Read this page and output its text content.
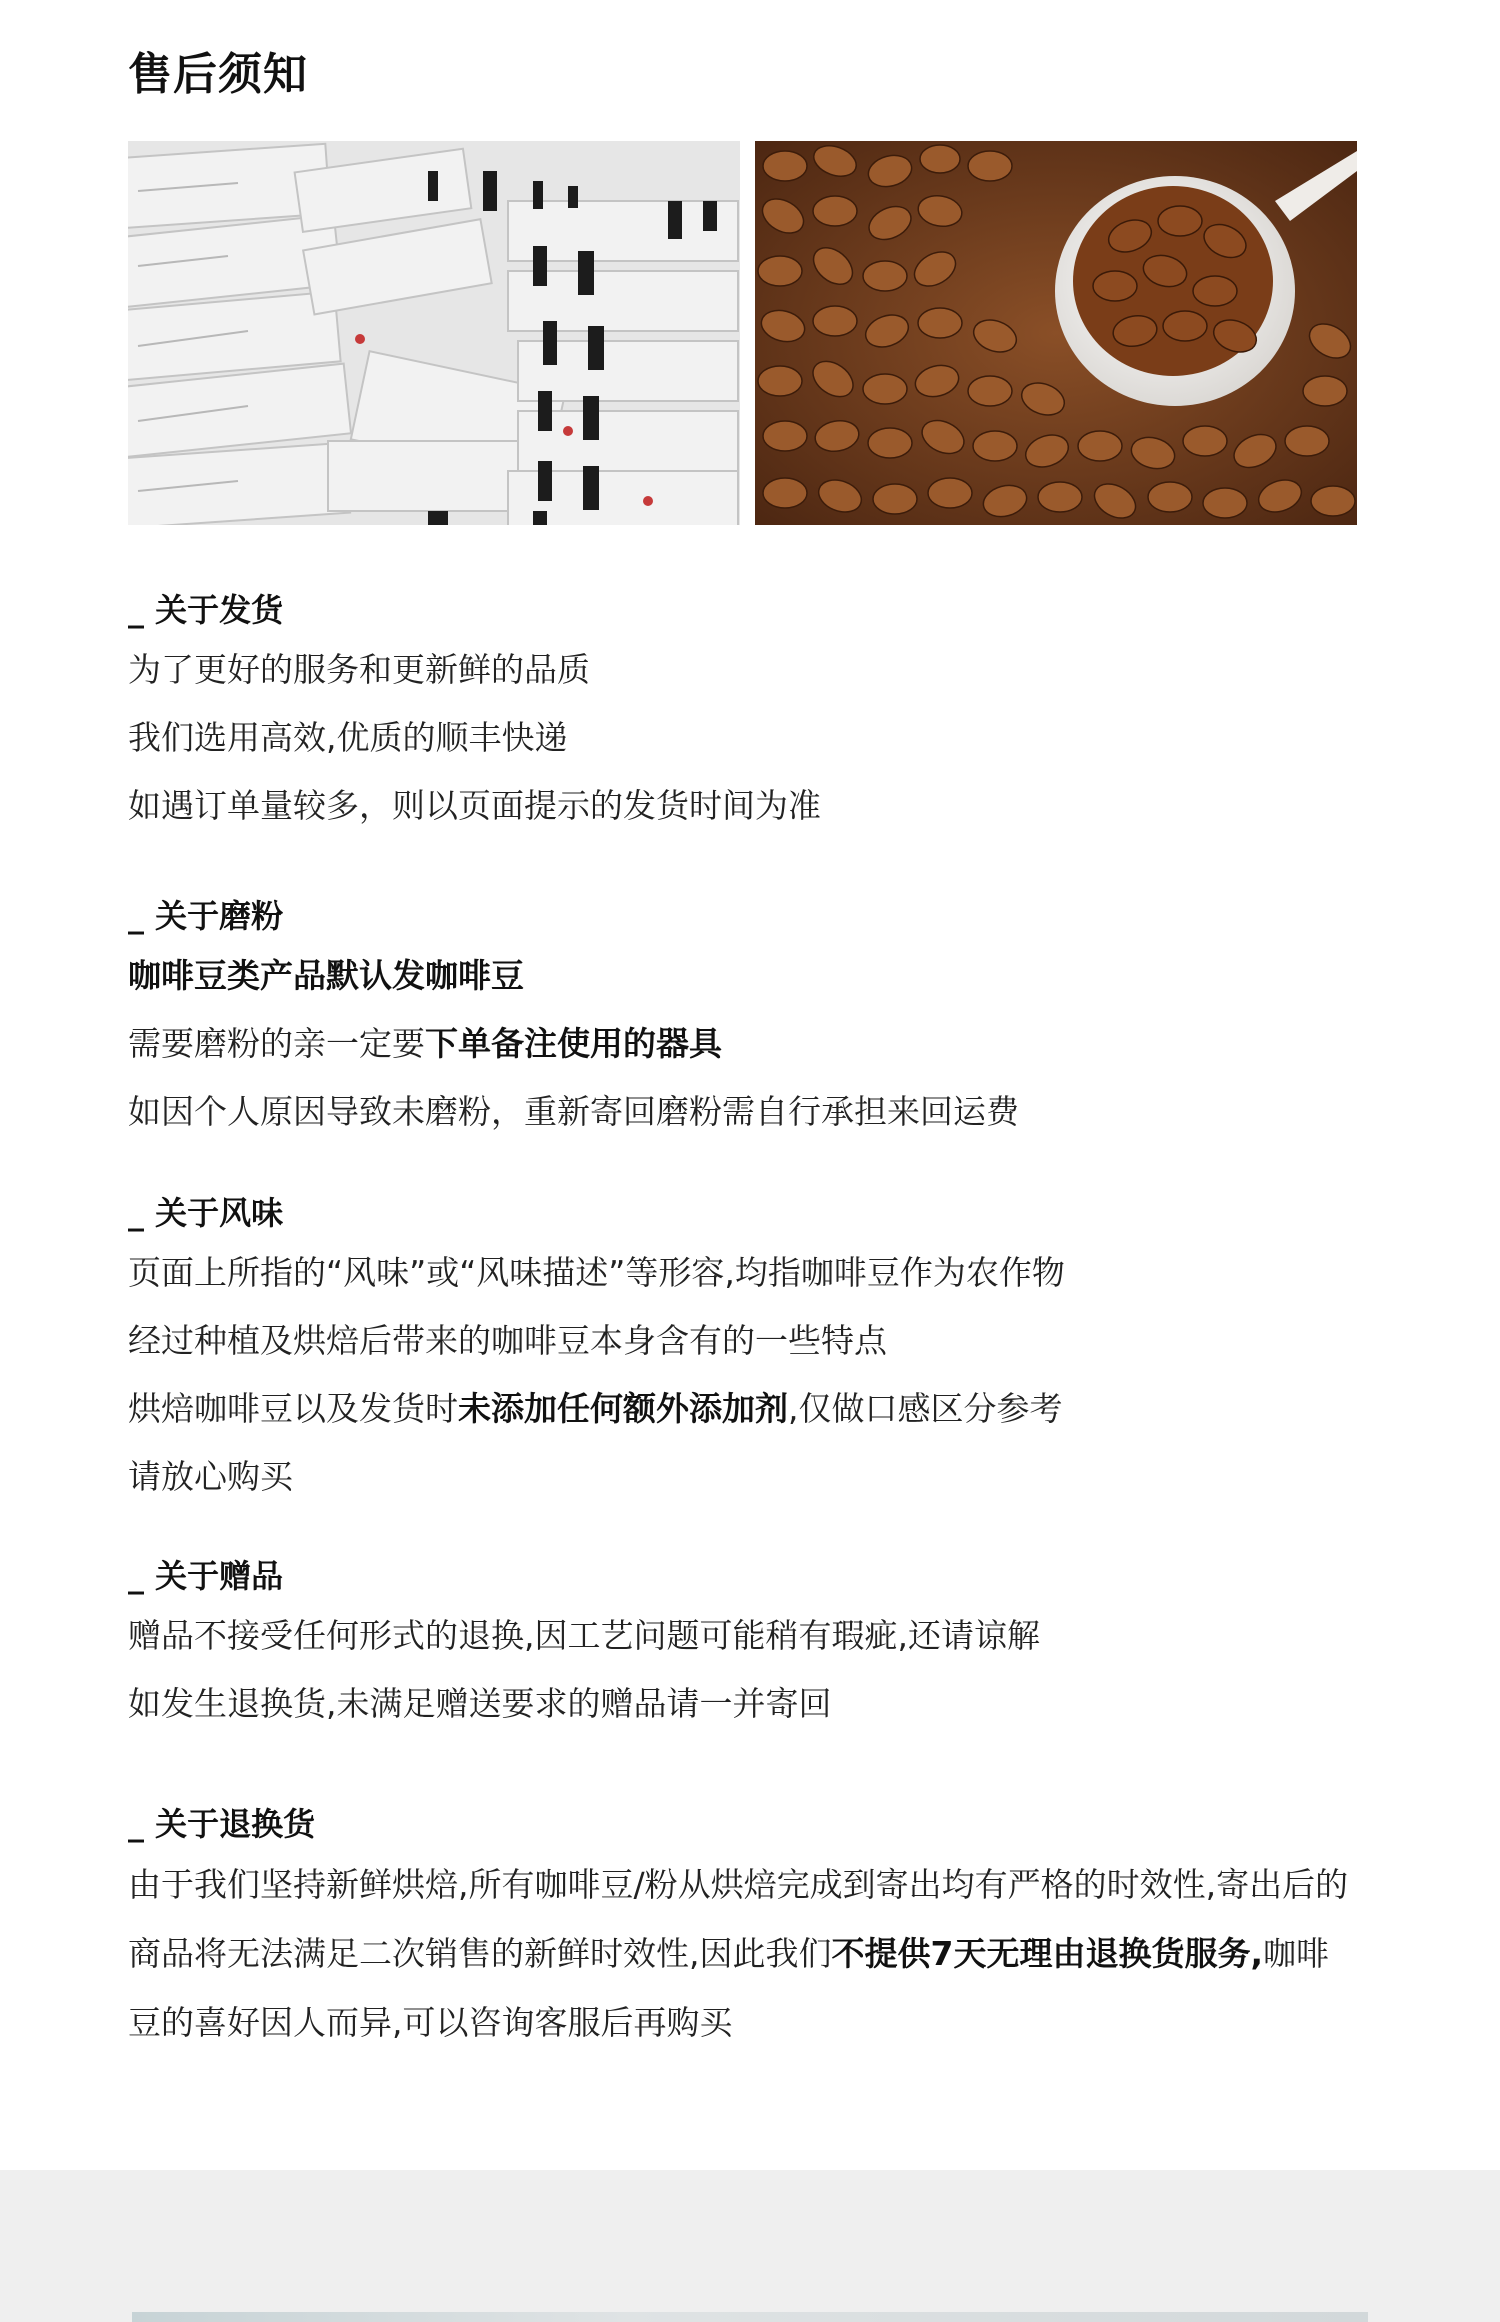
售后须知
_ 关于发货
为了更好的服务和更新鲜的品质
我们选用高效,优质的顺丰快递
如遇订单量较多，则以页面提示的发货时间为准
_ 关于磨粉
咖啡豆类产品默认发咖啡豆
需要磨粉的亲一定要下单备注使用的器具
如因个人原因导致未磨粉，重新寄回磨粉需自行承担来回运费
_ 关于风味
页面上所指的“风味”或“风味描述”等形容,均指咖啡豆作为农作物
经过种植及烘焙后带来的咖啡豆本身含有的一些特点
烘焙咖啡豆以及发货时未添加任何额外添加剂,仅做口感区分参考
请放心购买
_ 关于赠品
赠品不接受任何形式的退换,因工艺问题可能稍有瑕疵,还请谅解
如发生退换货,未满足赠送要求的赠品请一并寄回
_ 关于退换货
由于我们坚持新鲜烘焙,所有咖啡豆/粉从烘焙完成到寄出均有严格的时效性,寄出后的商品将无法满足二次销售的新鲜时效性,因此我们不提供7天无理由退换货服务,咖啡豆的喜好因人而异,可以咨询客服后再购买
